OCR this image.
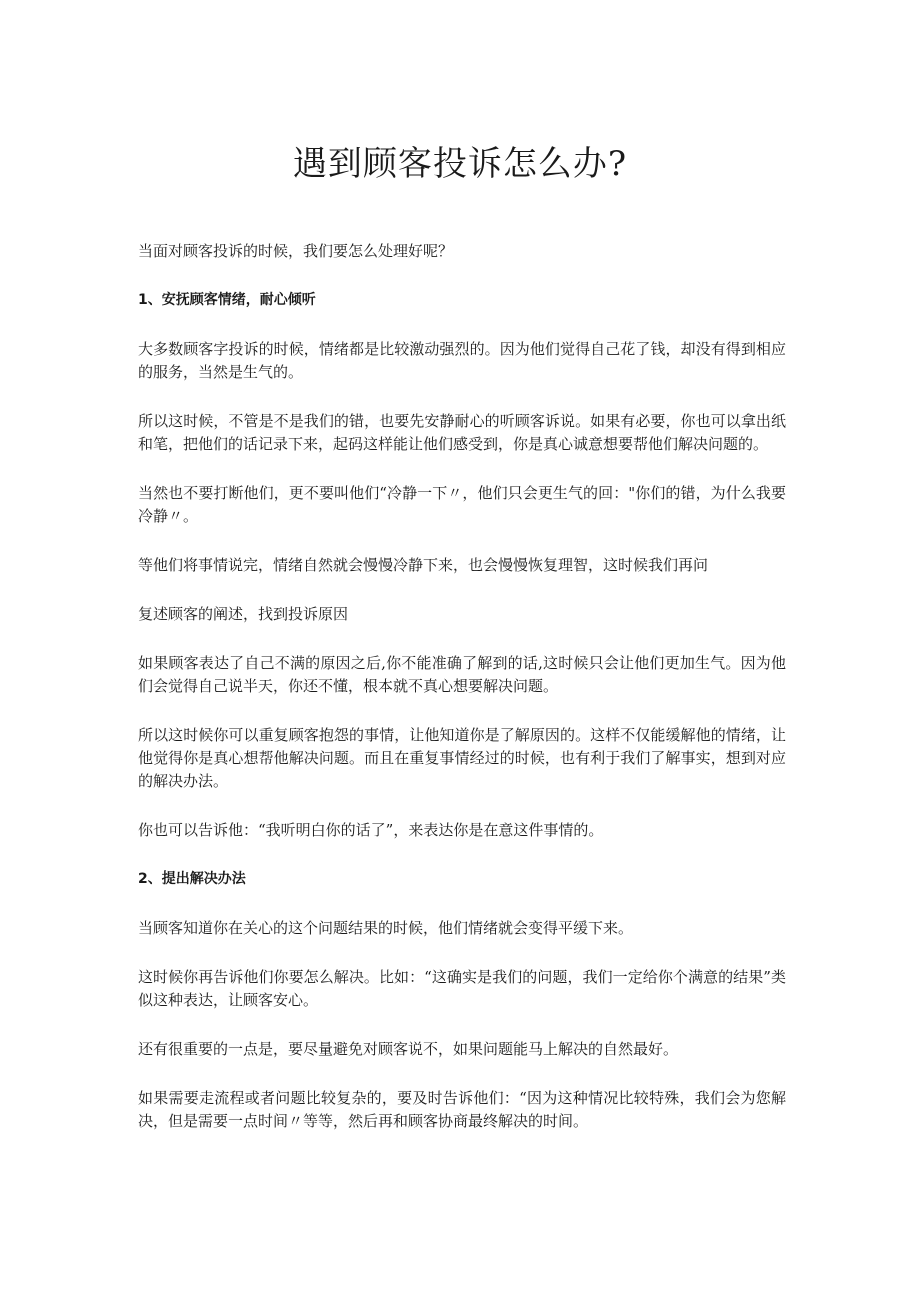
遇到顾客投诉怎么办?

当面对顾客投诉的时候，我们要怎么处理好呢？

1、安抚顾客情绪，耐心倾听

大多数顾客字投诉的时候，情绪都是比较激动强烈的。因为他们觉得自己花了钱，却没有得到相应的服务，当然是生气的。

所以这时候，不管是不是我们的错，也要先安静耐心的听顾客诉说。如果有必要，你也可以拿出纸和笔，把他们的话记录下来，起码这样能让他们感受到，你是真心诚意想要帮他们解决问题的。

当然也不要打断他们，更不要叫他们“冷静一下〃，他们只会更生气的回："你们的错，为什么我要冷静〃。

等他们将事情说完，情绪自然就会慢慢冷静下来，也会慢慢恢复理智，这时候我们再问

复述顾客的阐述，找到投诉原因

如果顾客表达了自己不满的原因之后,你不能准确了解到的话,这时候只会让他们更加生气。因为他们会觉得自己说半天，你还不懂，根本就不真心想要解决问题。

所以这时候你可以重复顾客抱怨的事情，让他知道你是了解原因的。这样不仅能缓解他的情绪，让他觉得你是真心想帮他解决问题。而且在重复事情经过的时候，也有利于我们了解事实，想到对应的解决办法。

你也可以告诉他：“我听明白你的话了”，来表达你是在意这件事情的。

2、提出解决办法

当顾客知道你在关心的这个问题结果的时候，他们情绪就会变得平缓下来。

这时候你再告诉他们你要怎么解决。比如：“这确实是我们的问题，我们一定给你个满意的结果”类似这种表达，让顾客安心。

还有很重要的一点是，要尽量避免对顾客说不，如果问题能马上解决的自然最好。

如果需要走流程或者问题比较复杂的，要及时告诉他们：“因为这种情况比较特殊，我们会为您解决，但是需要一点时间〃等等，然后再和顾客协商最终解决的时间。
